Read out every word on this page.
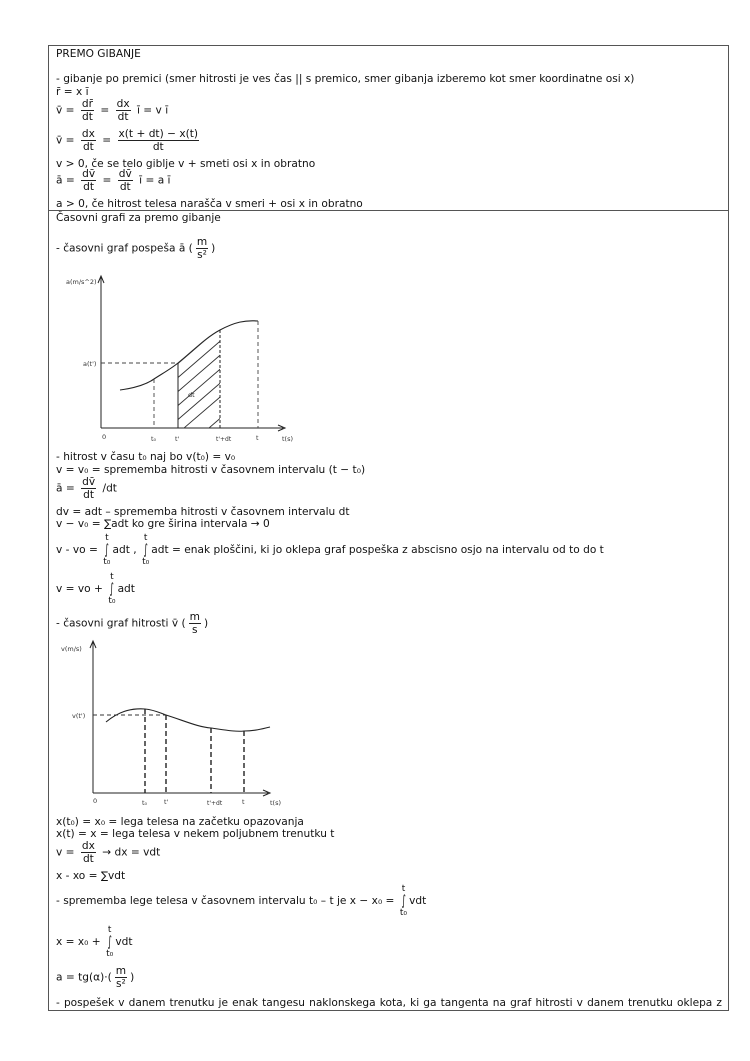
PREMO GIBANJE
- gibanje po premici (smer hitrosti je ves čas || s premico, smer gibanja izberemo kot smer koordinatne osi x)
r̄ = x ī
v̄ = $\frac{dr̄}{dt} = \frac{dx}{dt}$ ī = v ī
v̄ = $\frac{dx}{dt} = \frac{x(t + dt) - x(t)}{dt}$
v > 0, če se telo giblje v + smeti osi x in obratno
ā = $\frac{dv̄}{dt} = \frac{dv̄}{dt}$ ī = a ī
a > 0, če hitrost telesa narašča v smeri + osi x in obratno
Časovni grafi za premo gibanje
- časovni graf pospeša ā ( $\frac{m}{\text{s²}}$ )
a(m/s^2)
a(t')
dt
0	t₀	t'	t'+dt	t	t(s)
- hitrost v času t₀ naj bo v(t₀) = v₀
v = v₀ = sprememba hitrosti v časovnem intervalu (t − t₀)
ā = $\frac{dv̄}{dt} /dt$
dv = adt – sprememba hitrosti v časovnem intervalu dt
v − v₀ = ∑adt ko gre širina intervala → 0
v - vo =
t
∫
t₀
adt ,
t
∫
t₀
adt = enak ploščini, ki jo oklepa graf pospeška z abscisno osjo na intervalu od to do t
v = vo +
t
∫
t₀
adt
- časovni graf hitrosti v̄ ( $\frac{m}{s}$ )
v(m/s)
v(t')
0	t₀	t'	t'+dt	t	t(s)
x(t₀) = x₀ = lega telesa na začetku opazovanja
x(t) = x = lega telesa v nekem poljubnem trenutku t
$v = \frac{dx}{dt}$ → dx = vdt
x - xo = ∑vdt
- sprememba lege telesa v časovnem intervalu t₀ – t je x − x₀ =
t
∫
t₀
vdt
x = x₀ +
t
∫
t₀
vdt
$a = tg(\alpha)\cdot( \frac{m}{\text{s²}}$ )
- pospešek v danem trenutku je enak tangesu naklonskega kota, ki ga tangenta na graf hitrosti v danem trenutku oklepa z
